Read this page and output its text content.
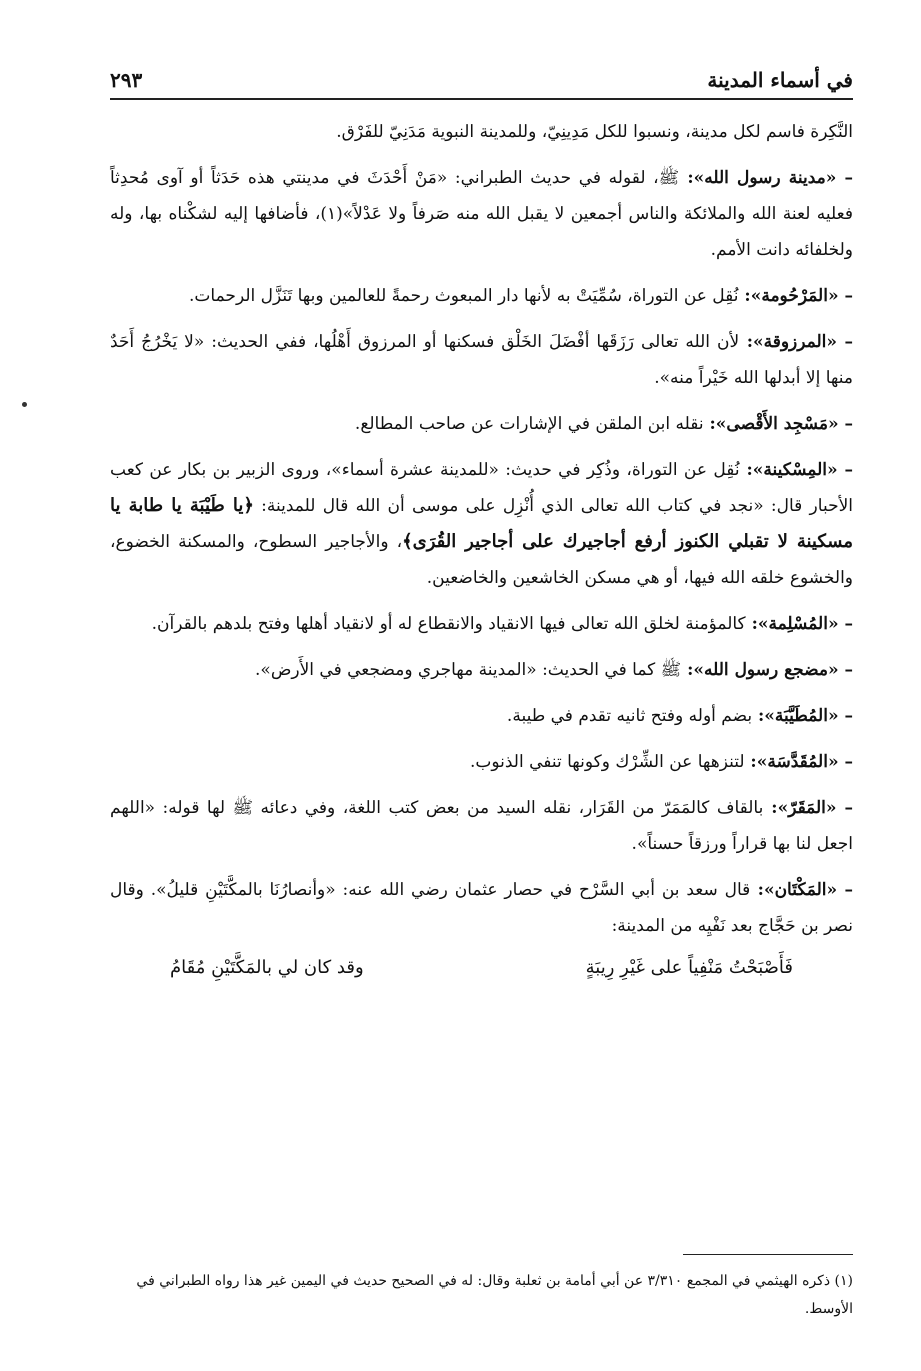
في أسماء المدينة
٢٩٣

النَّكِرة فاسم لكل مدينة، ونسبوا للكل مَدِينِيّ، وللمدينة النبوية مَدَنِيّ للفَرْق.

– «مدينة رسول الله»: ﷺ، لقوله في حديث الطبراني: «مَنْ أَحْدَثَ في مدينتي هذه حَدَثاً أو آوى مُحدِثاً فعليه لعنة الله والملائكة والناس أجمعين لا يقبل الله منه صَرفاً ولا عَدْلاً»(١)، فأضافها إليه لشكْناه بها، وله ولخلفائه دانت الأمم.

– «المَرْحُومة»: نُقِل عن التوراة، سُمِّيَتْ به لأنها دار المبعوث رحمةً للعالمين وبها تَنَزَّل الرحمات.

– «المرزوقة»: لأن الله تعالى رَزَقَها أفْضَلَ الخَلْق فسكنها أو المرزوق أَهْلُها، ففي الحديث: «لا يَخْرُجُ أَحَدٌ منها إلا أبدلها الله خَيْراً منه».

– «مَسْجِد الأَقْصى»: نقله ابن الملقن في الإشارات عن صاحب المطالع.

– «المِسْكينة»: نُقِل عن التوراة، وذُكِر في حديث: «للمدينة عشرة أسماء»، وروى الزبير بن بكار عن كعب الأحبار قال: «نجد في كتاب الله تعالى الذي أُنْزِل على موسى أن الله قال للمدينة: ﴿يا طَيْبَة يا طابة يا مسكينة لا تقبلي الكنوز أرفع أجاجيرك على أجاجير القُرَى﴾، والأجاجير السطوح، والمسكنة الخضوع، والخشوع خلقه الله فيها، أو هي مسكن الخاشعين والخاضعين.

– «المُسْلِمة»: كالمؤمنة لخلق الله تعالى فيها الانقياد والانقطاع له أو لانقياد أهلها وفتح بلدهم بالقرآن.

– «مضجع رسول الله»: ﷺ كما في الحديث: «المدينة مهاجري ومضجعي في الأَرض».

– «المُطَيَّبَة»: بضم أوله وفتح ثانيه تقدم في طيبة.

– «المُقَدَّسَة»: لتنزهها عن الشِّرْك وكونها تنفي الذنوب.

– «المَقَرّ»: بالقاف كالمَمَرّ من القَرَار، نقله السيد من بعض كتب اللغة، وفي دعائه ﷺ لها قوله: «اللهم اجعل لنا بها قراراً ورزقاً حسناً».

– «المَكْتَان»: قال سعد بن أبي السَّرْح في حصار عثمان رضي الله عنه: «وأنصارُنَا بالمكَّتَيْنِ قليلُ». وقال نصر بن حَجَّاج بعد نَفْيِه من المدينة:

فَأَصْبَحْتُ مَنْفِياً على غَيْرِ رِيبَةٍ
وقد كان لي بالمَكَّتَيْنِ مُقَامُ
(١) ذكره الهيثمي في المجمع ٣/٣١٠ عن أبي أمامة بن ثعلبة وقال: له في الصحيح حديث في اليمين غير هذا رواه الطبراني في الأوسط.
